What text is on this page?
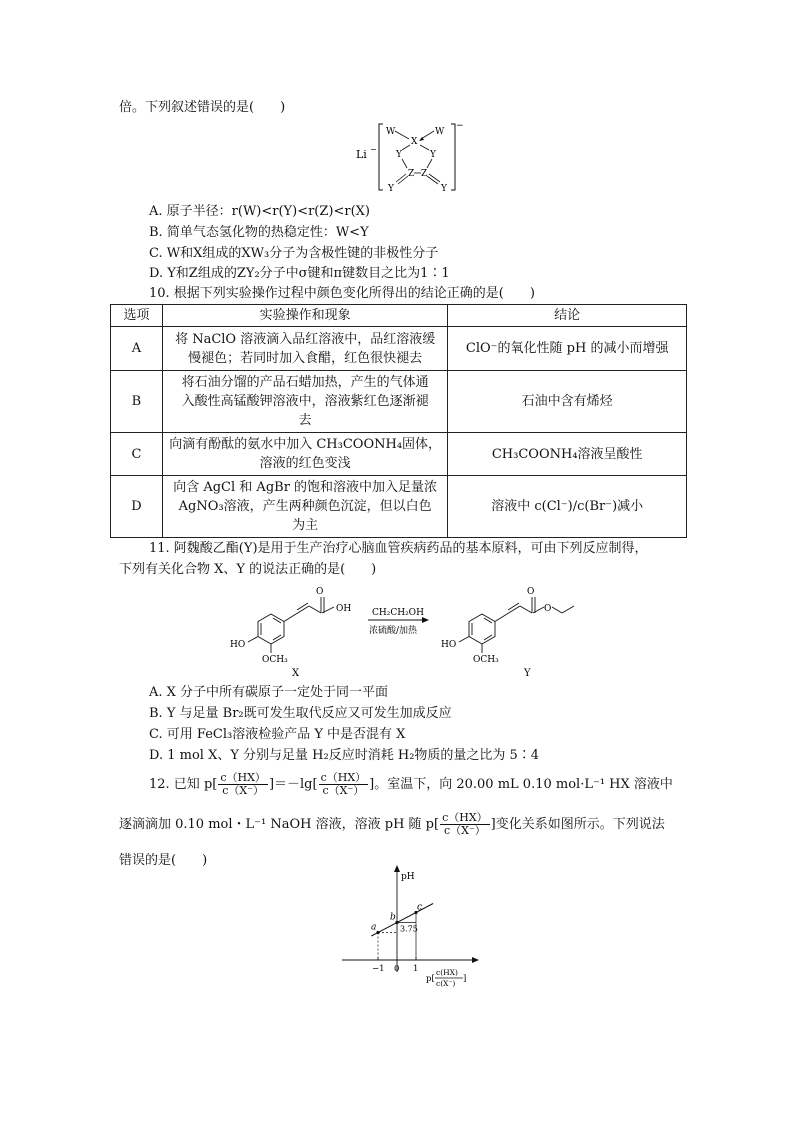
倍。下列叙述错误的是(　　)
Li −
−
W	W
X
Y	Y
Z Z
Y	Y
A. 原子半径：r(W)<r(Y)<r(Z)<r(X)
B. 简单气态氢化物的热稳定性：W<Y
C. W和X组成的XW₃分子为含极性键的非极性分子
D. Y和Z组成的ZY₂分子中σ键和π键数目之比为1∶1
10. 根据下列实验操作过程中颜色变化所得出的结论正确的是(　　)
选项	实验操作和现象	结论
A	将 NaClO 溶液滴入品红溶液中，品红溶液缓
慢褪色；若同时加入食醋，红色很快褪去	ClO⁻的氧化性随 pH 的减小而增强
B	将石油分馏的产品石蜡加热，产生的气体通
入酸性高锰酸钾溶液中，溶液紫红色逐渐褪
去	石油中含有烯烃
C	向滴有酚酞的氨水中加入 CH₃COONH₄固体，
溶液的红色变浅	CH₃COONH₄溶液呈酸性
D	向含 AgCl 和 AgBr 的饱和溶液中加入足量浓
AgNO₃溶液，产生两种颜色沉淀，但以白色
为主	溶液中 c(Cl⁻)/c(Br⁻)减小
11. 阿魏酸乙酯(Y)是用于生产治疗心脑血管疾病药品的基本原料，可由下列反应制得，
下列有关化合物 X、Y 的说法正确的是(　　)
O
OH
HO
OCH₃
X
CH₂CH₂OH
浓硫酸/加热
O
O
HO
OCH₃
Y
A. X 分子中所有碳原子一定处于同一平面
B. Y 与足量 Br₂既可发生取代反应又可发生加成反应
C. 可用 FeCl₃溶液检验产品 Y 中是否混有 X
D. 1 mol X、Y 分别与足量 H₂反应时消耗 H₂物质的量之比为 5∶4
12. 已知 $p[ \frac{c(HX)}{c(X^-)} ]=-\lg[ \frac{c(HX)}{c(X^-)}$ ]。室温下，向 20.00 mL 0.10 mol·L⁻¹ HX 溶液中
逐滴滴加 0.10 mol・L⁻¹ NaOH 溶液，溶液 pH 随 $p[ \frac{c(HX)}{c(X^-)}$ ]变化关系如图所示。下列说法
错误的是(　　)
pH
−1 0 1
a
b
c
3.75
p[
c(HX)
c(X⁻) ]
